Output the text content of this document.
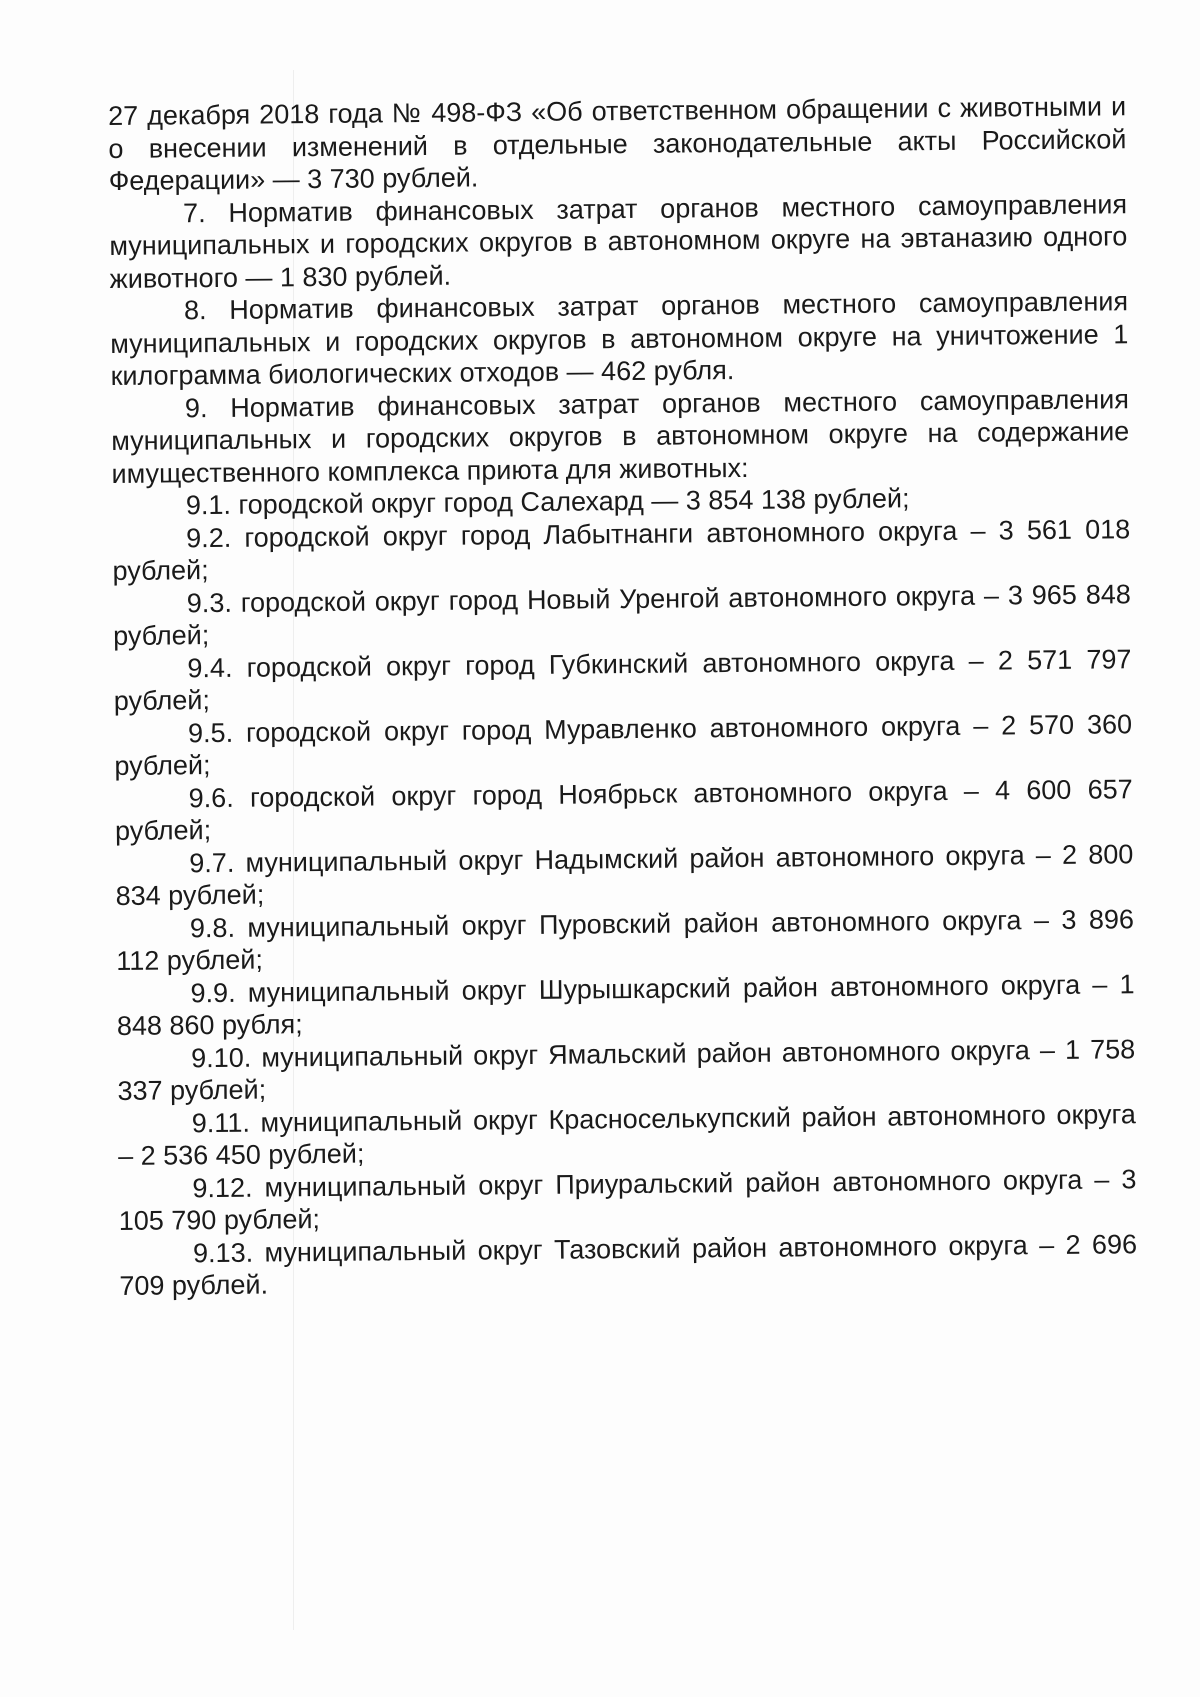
27 декабря 2018 года № 498-ФЗ «Об ответственном обращении с животными и о внесении изменений в отдельные законодательные акты Российской Федерации» — 3 730 рублей.

7. Норматив финансовых затрат органов местного самоуправления муниципальных и городских округов в автономном округе на эвтаназию одного животного — 1 830 рублей.

8. Норматив финансовых затрат органов местного самоуправления муниципальных и городских округов в автономном округе на уничтожение 1 килограмма биологических отходов — 462 рубля.

9. Норматив финансовых затрат органов местного самоуправления муниципальных и городских округов в автономном округе на содержание имущественного комплекса приюта для животных:

9.1. городской округ город Салехард — 3 854 138 рублей;

9.2. городской округ город Лабытнанги автономного округа – 3 561 018 рублей;

9.3. городской округ город Новый Уренгой автономного округа – 3 965 848 рублей;

9.4. городской округ город Губкинский автономного округа – 2 571 797 рублей;

9.5. городской округ город Муравленко автономного округа – 2 570 360 рублей;

9.6. городской округ город Ноябрьск автономного округа – 4 600 657 рублей;

9.7. муниципальный округ Надымский район автономного округа – 2 800 834 рублей;

9.8. муниципальный округ Пуровский район автономного округа – 3 896 112 рублей;

9.9. муниципальный округ Шурышкарский район автономного округа – 1 848 860 рубля;

9.10. муниципальный округ Ямальский район автономного округа – 1 758 337 рублей;

9.11. муниципальный округ Красноселькупский район автономного округа – 2 536 450 рублей;

9.12. муниципальный округ Приуральский район автономного округа – 3 105 790 рублей;

9.13. муниципальный округ Тазовский район автономного округа – 2 696 709 рублей.
